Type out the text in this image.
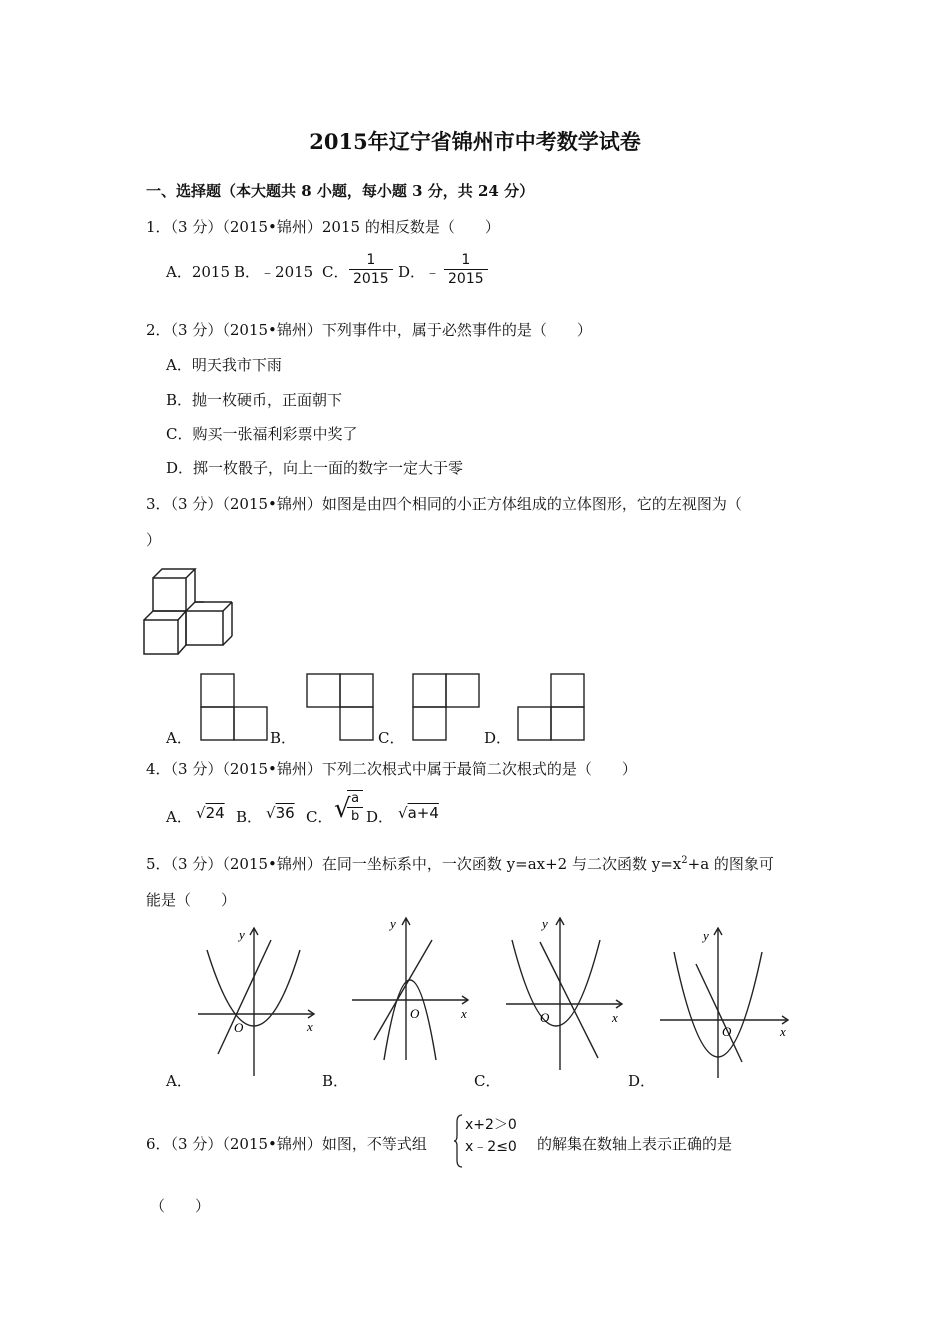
2015年辽宁省锦州市中考数学试卷
一、选择题（本大题共 8 小题，每小题 3 分，共 24 分）
1．（3 分）（2015•锦州）2015 的相反数是（　　）
A．2015 B．﹣2015 C．
1
2015 D．﹣
1
2015
2．（3 分）（2015•锦州）下列事件中，属于必然事件的是（　　）
A．明天我市下雨
B．抛一枚硬币，正面朝下
C．购买一张福利彩票中奖了
D．掷一枚骰子，向上一面的数字一定大于零
3．（3 分）（2015•锦州）如图是由四个相同的小正方体组成的立体图形，它的左视图为（
）
A．	B．	C．	D．
4．（3 分）（2015•锦州）下列二次根式中属于最简二次根式的是（　　）
A． √24 B． √36 C． √ a
b D． √a+4
5．（3 分）（2015•锦州）在同一坐标系中，一次函数 y=ax+2 与二次函数 $y=x^2+a$ 的图象可
能是（　　）
O	x
y
A．
O	x
y
B．
O	x
y
C．
O	x
y
D．
6．（3 分）（2015•锦州）如图，不等式组
x+2＞0
x﹣2≤0 的解集在数轴上表示正确的是
（　　）
